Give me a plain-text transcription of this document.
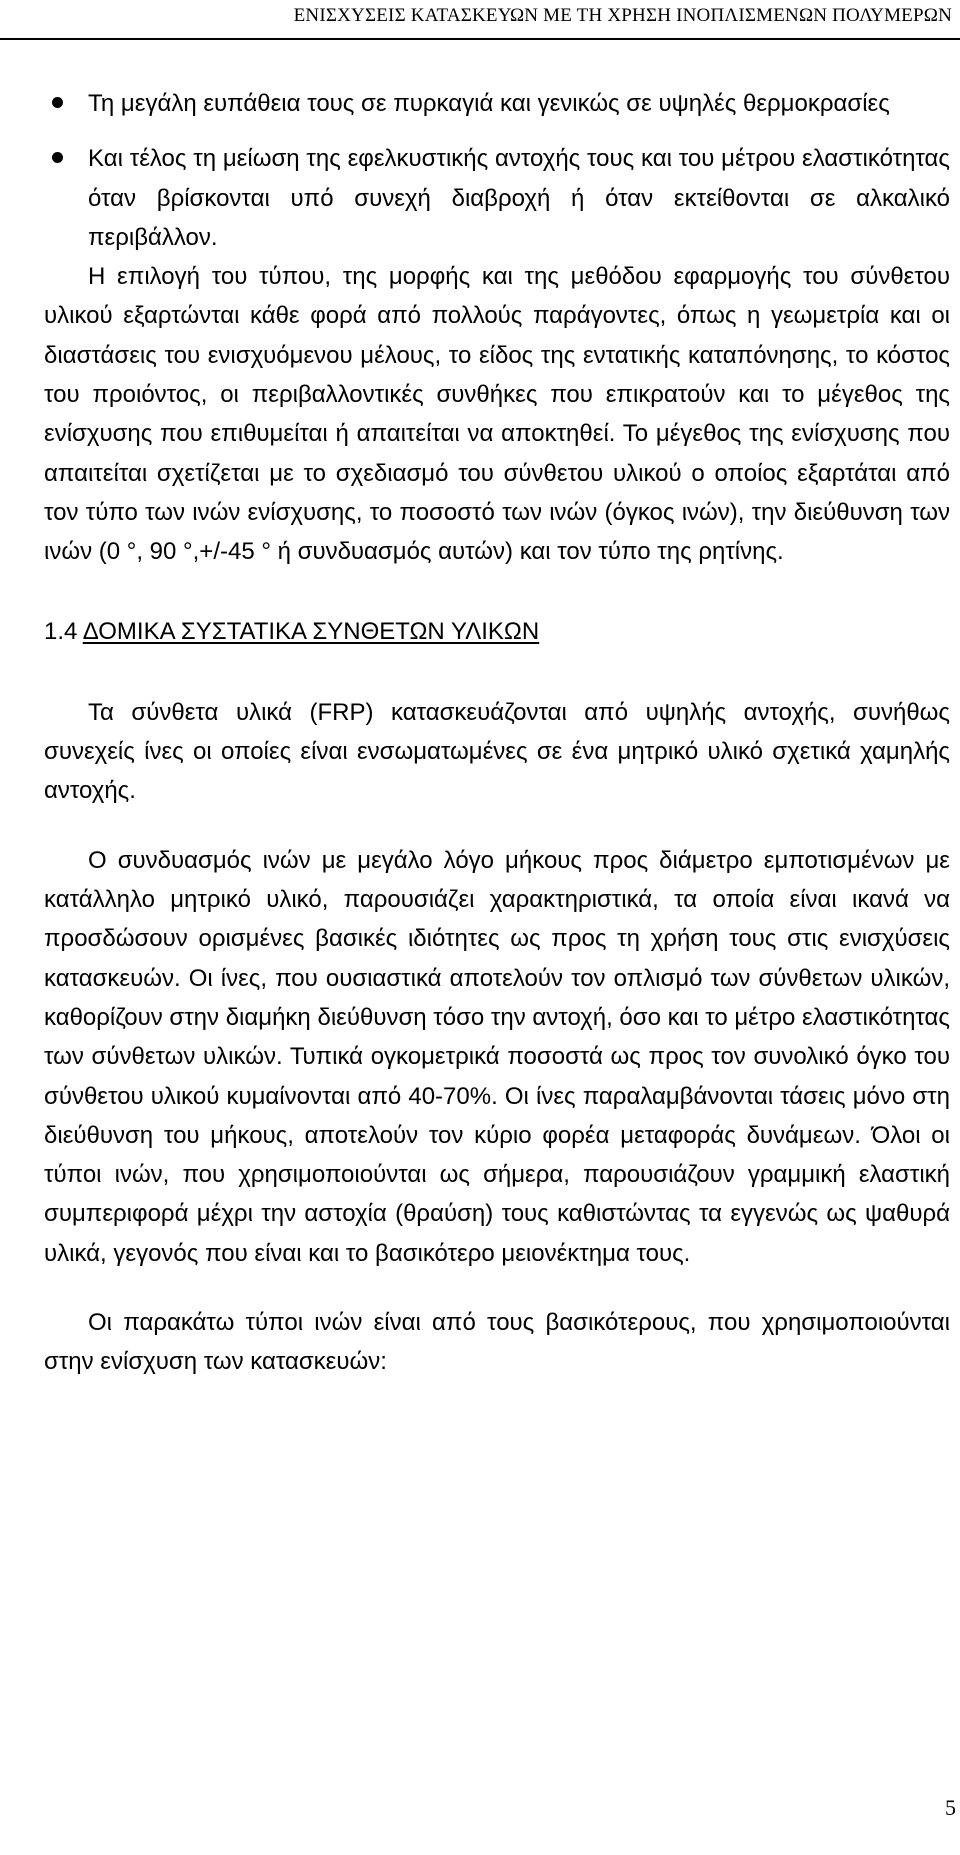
ΕΝΙΣΧΥΣΕΙΣ ΚΑΤΑΣΚΕΥΩΝ ΜΕ ΤΗ ΧΡΗΣΗ ΙΝΟΠΛΙΣΜΕΝΩΝ ΠΟΛΥΜΕΡΩΝ
Τη μεγάλη ευπάθεια τους σε πυρκαγιά και γενικώς σε υψηλές θερμοκρασίες
Και τέλος τη μείωση της εφελκυστικής αντοχής τους και του μέτρου ελαστικότητας όταν βρίσκονται υπό συνεχή διαβροχή ή όταν εκτείθονται σε αλκαλικό περιβάλλον.

Η επιλογή του τύπου, της μορφής και της μεθόδου εφαρμογής του σύνθετου υλικού εξαρτώνται κάθε φορά από πολλούς παράγοντες, όπως η γεωμετρία και οι διαστάσεις του ενισχυόμενου μέλους, το είδος της εντατικής καταπόνησης, το κόστος του προιόντος, οι περιβαλλοντικές συνθήκες που επικρατούν και το μέγεθος της ενίσχυσης που επιθυμείται ή απαιτείται να αποκτηθεί. Το μέγεθος της ενίσχυσης που απαιτείται σχετίζεται με το σχεδιασμό του σύνθετου υλικού ο οποίος εξαρτάται από τον τύπο των ινών ενίσχυσης, το ποσοστό των ινών (όγκος ινών), την διεύθυνση των ινών (0 °, 90 °,+/-45 ° ή συνδυασμός αυτών) και τον τύπο της ρητίνης.

1.4 ΔΟΜΙΚΑ ΣΥΣΤΑΤΙΚΑ ΣΥΝΘΕΤΩΝ ΥΛΙΚΩΝ

Τα σύνθετα υλικά (FRP) κατασκευάζονται από υψηλής αντοχής, συνήθως συνεχείς ίνες οι οποίες είναι ενσωματωμένες σε ένα μητρικό υλικό σχετικά χαμηλής αντοχής.

Ο συνδυασμός ινών με μεγάλο λόγο μήκους προς διάμετρο εμποτισμένων με κατάλληλο μητρικό υλικό, παρουσιάζει χαρακτηριστικά, τα οποία είναι ικανά να προσδώσουν ορισμένες βασικές ιδιότητες ως προς τη χρήση τους στις ενισχύσεις κατασκευών. Οι ίνες, που ουσιαστικά αποτελούν τον οπλισμό των σύνθετων υλικών, καθορίζουν στην διαμήκη διεύθυνση τόσο την αντοχή, όσο και το μέτρο ελαστικότητας των σύνθετων υλικών. Τυπικά ογκομετρικά ποσοστά ως προς τον συνολικό όγκο του σύνθετου υλικού κυμαίνονται από 40-70%. Οι ίνες παραλαμβάνονται τάσεις μόνο στη διεύθυνση του μήκους, αποτελούν τον κύριο φορέα μεταφοράς δυνάμεων. Όλοι οι τύποι ινών, που χρησιμοποιούνται ως σήμερα, παρουσιάζουν γραμμική ελαστική συμπεριφορά μέχρι την αστοχία (θραύση) τους καθιστώντας τα εγγενώς ως ψαθυρά υλικά, γεγονός που είναι και το βασικότερο μειονέκτημα τους.

Οι παρακάτω τύποι ινών είναι από τους βασικότερους, που χρησιμοποιούνται στην ενίσχυση των κατασκευών:

5
